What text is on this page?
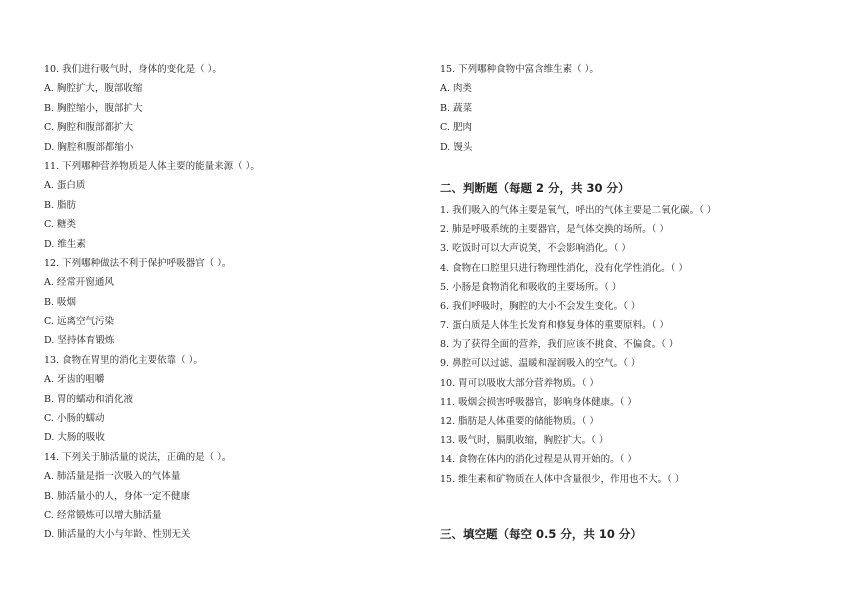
10. 我们进行吸气时，身体的变化是（ ）。
A. 胸腔扩大，腹部收缩
B. 胸腔缩小，腹部扩大
C. 胸腔和腹部都扩大
D. 胸腔和腹部都缩小
11. 下列哪种营养物质是人体主要的能量来源（ ）。
A. 蛋白质
B. 脂肪
C. 糖类
D. 维生素
12. 下列哪种做法不利于保护呼吸器官（ ）。
A. 经常开窗通风
B. 吸烟
C. 远离空气污染
D. 坚持体育锻炼
13. 食物在胃里的消化主要依靠（ ）。
A. 牙齿的咀嚼
B. 胃的蠕动和消化液
C. 小肠的蠕动
D. 大肠的吸收
14. 下列关于肺活量的说法，正确的是（ ）。
A. 肺活量是指一次吸入的气体量
B. 肺活量小的人，身体一定不健康
C. 经常锻炼可以增大肺活量
D. 肺活量的大小与年龄、性别无关
15. 下列哪种食物中富含维生素（ ）。
A. 肉类
B. 蔬菜
C. 肥肉
D. 馒头
二、判断题（每题 2 分，共 30 分）
1. 我们吸入的气体主要是氧气，呼出的气体主要是二氧化碳。（ ）
2. 肺是呼吸系统的主要器官，是气体交换的场所。（ ）
3. 吃饭时可以大声说笑，不会影响消化。（ ）
4. 食物在口腔里只进行物理性消化，没有化学性消化。（ ）
5. 小肠是食物消化和吸收的主要场所。（ ）
6. 我们呼吸时，胸腔的大小不会发生变化。（ ）
7. 蛋白质是人体生长发育和修复身体的重要原料。（ ）
8. 为了获得全面的营养，我们应该不挑食、不偏食。（ ）
9. 鼻腔可以过滤、温暖和湿润吸入的空气。（ ）
10. 胃可以吸收大部分营养物质。（ ）
11. 吸烟会损害呼吸器官，影响身体健康。（ ）
12. 脂肪是人体重要的储能物质。（ ）
13. 吸气时，膈肌收缩，胸腔扩大。（ ）
14. 食物在体内的消化过程是从胃开始的。（ ）
15. 维生素和矿物质在人体中含量很少，作用也不大。（ ）
三、填空题（每空 0.5 分，共 10 分）
